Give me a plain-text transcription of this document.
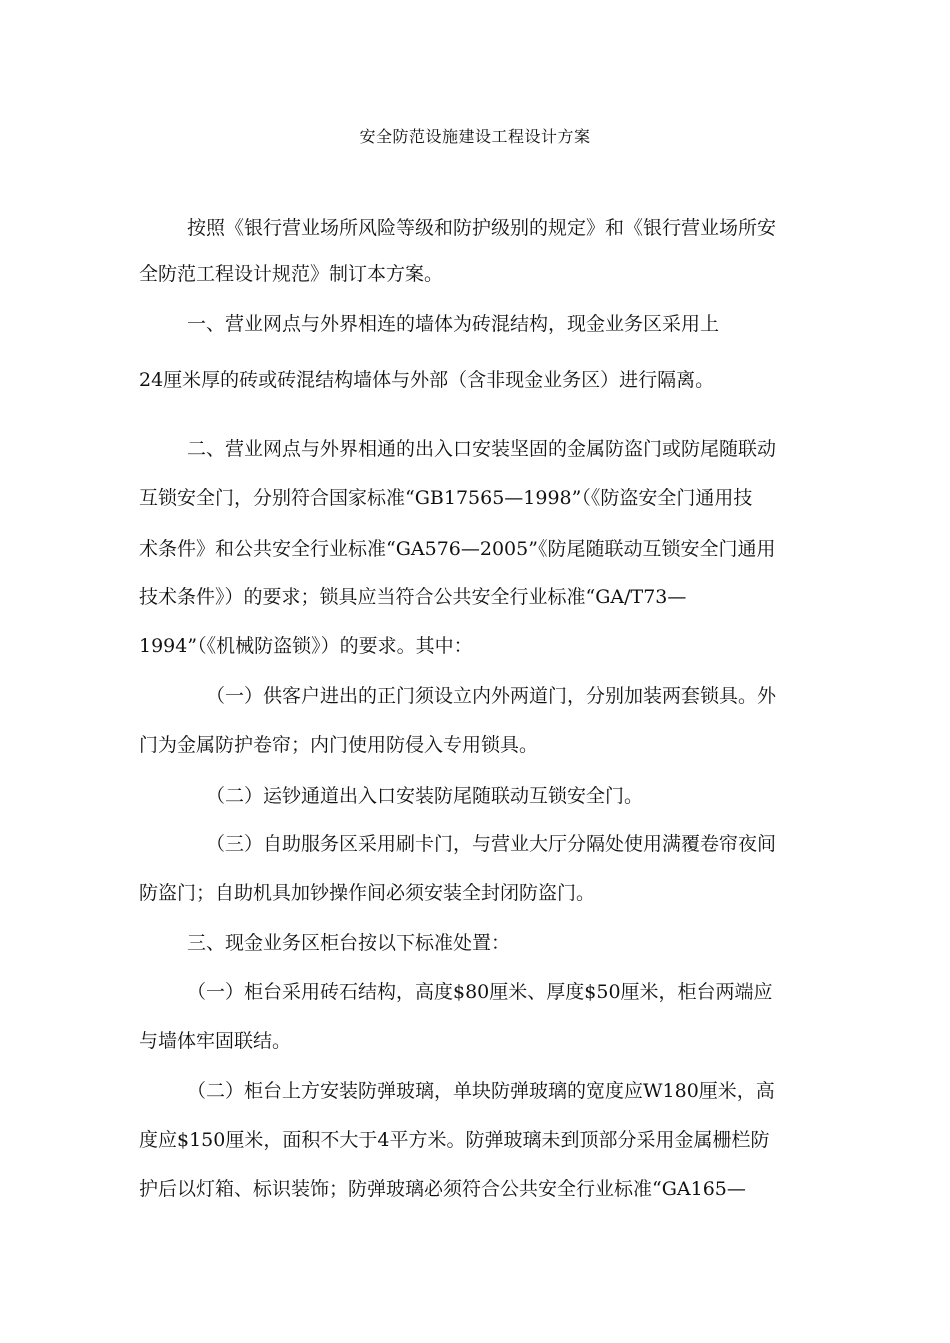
安全防范设施建设工程设计方案
按照《银行营业场所风险等级和防护级别的规定》和《银行营业场所安
全防范工程设计规范》制订本方案。
一、营业网点与外界相连的墙体为砖混结构，现金业务区采用上
24厘米厚的砖或砖混结构墙体与外部（含非现金业务区）进行隔离。
二、营业网点与外界相通的出入口安装坚固的金属防盗门或防尾随联动
互锁安全门，分别符合国家标准“GB17565—1998”（《防盗安全门通用技
术条件》和公共安全行业标准“GA576—2005”《防尾随联动互锁安全门通用
技术条件》）的要求；锁具应当符合公共安全行业标准“GA/T73—
1994”（《机械防盗锁》）的要求。其中：
（一）供客户进出的正门须设立内外两道门，分别加装两套锁具。外
门为金属防护卷帘；内门使用防侵入专用锁具。
（二）运钞通道出入口安装防尾随联动互锁安全门。
（三）自助服务区采用刷卡门，与营业大厅分隔处使用满覆卷帘夜间
防盗门；自助机具加钞操作间必须安装全封闭防盗门。
三、现金业务区柜台按以下标准处置：
（一）柜台采用砖石结构，高度$80厘米、厚度$50厘米，柜台两端应
与墙体牢固联结。
（二）柜台上方安装防弹玻璃，单块防弹玻璃的宽度应W180厘米，高
度应$150厘米，面积不大于4平方米。防弹玻璃未到顶部分采用金属栅栏防
护后以灯箱、标识装饰；防弹玻璃必须符合公共安全行业标准“GA165—
